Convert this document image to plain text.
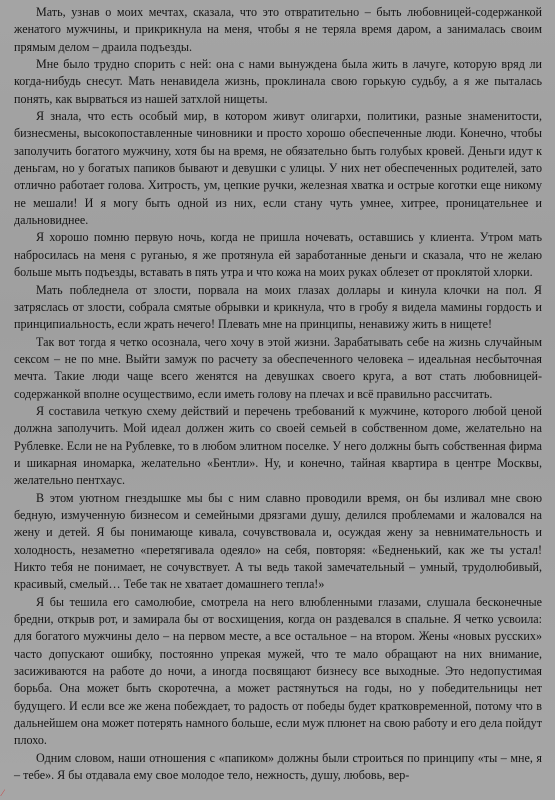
Мать, узнав о моих мечтах, сказала, что это отвратительно – быть любовницей-содержанкой женатого мужчины, и прикрикнула на меня, чтобы я не теряла время даром, а занималась своим прямым делом – драила подъезды.

Мне было трудно спорить с ней: она с нами вынуждена была жить в лачуге, которую вряд ли когда-нибудь снесут. Мать ненавидела жизнь, проклинала свою горькую судьбу, а я же пыталась понять, как вырваться из нашей затхлой нищеты.

Я знала, что есть особый мир, в котором живут олигархи, политики, разные знаменитости, бизнесмены, высокопоставленные чиновники и просто хорошо обеспеченные люди. Конечно, чтобы заполучить богатого мужчину, хотя бы на время, не обязательно быть голубых кровей. Деньги идут к деньгам, но у богатых папиков бывают и девушки с улицы. У них нет обеспеченных родителей, зато отлично работает голова. Хитрость, ум, цепкие ручки, железная хватка и острые коготки еще никому не мешали! И я могу быть одной из них, если стану чуть умнее, хитрее, проницательнее и дальновиднее.

Я хорошо помню первую ночь, когда не пришла ночевать, оставшись у клиента. Утром мать набросилась на меня с руганью, я же протянула ей заработанные деньги и сказала, что не желаю больше мыть подъезды, вставать в пять утра и что кожа на моих руках облезет от проклятой хлорки.

Мать побледнела от злости, порвала на моих глазах доллары и кинула клочки на пол. Я затряслась от злости, собрала смятые обрывки и крикнула, что в гробу я видела мамины гордость и принципиальность, если жрать нечего! Плевать мне на принципы, ненавижу жить в нищете!

Так вот тогда я четко осознала, чего хочу в этой жизни. Зарабатывать себе на жизнь случайным сексом – не по мне. Выйти замуж по расчету за обеспеченного человека – идеальная несбыточная мечта. Такие люди чаще всего женятся на девушках своего круга, а вот стать любовницей-содержанкой вполне осуществимо, если иметь голову на плечах и всё правильно рассчитать.

Я составила четкую схему действий и перечень требований к мужчине, которого любой ценой должна заполучить. Мой идеал должен жить со своей семьей в собственном доме, желательно на Рублевке. Если не на Рублевке, то в любом элитном поселке. У него должны быть собственная фирма и шикарная иномарка, желательно «Бентли». Ну, и конечно, тайная квартира в центре Москвы, желательно пентхаус.

В этом уютном гнездышке мы бы с ним славно проводили время, он бы изливал мне свою бедную, измученную бизнесом и семейными дрязгами душу, делился проблемами и жаловался на жену и детей. Я бы понимающе кивала, сочувствовала и, осуждая жену за невнимательность и холодность, незаметно «перетягивала одеяло» на себя, повторяя: «Бедненький, как же ты устал! Никто тебя не понимает, не сочувствует. А ты ведь такой замечательный – умный, трудолюбивый, красивый, смелый… Тебе так не хватает домашнего тепла!»

Я бы тешила его самолюбие, смотрела на него влюбленными глазами, слушала бесконечные бредни, открыв рот, и замирала бы от восхищения, когда он раздевался в спальне. Я четко усвоила: для богатого мужчины дело – на первом месте, а все остальное – на втором. Жены «новых русских» часто допускают ошибку, постоянно упрекая мужей, что те мало обращают на них внимание, засиживаются на работе до ночи, а иногда посвящают бизнесу все выходные. Это недопустимая борьба. Она может быть скоротечна, а может растянуться на годы, но у победительницы нет будущего. И если все же жена побеждает, то радость от победы будет кратковременной, потому что в дальнейшем она может потерять намного больше, если муж плюнет на свою работу и его дела пойдут плохо.

Одним словом, наши отношения с «папиком» должны были строиться по принципу «ты – мне, я – тебе». Я бы отдавала ему свое молодое тело, нежность, душу, любовь, вер-

⁄
